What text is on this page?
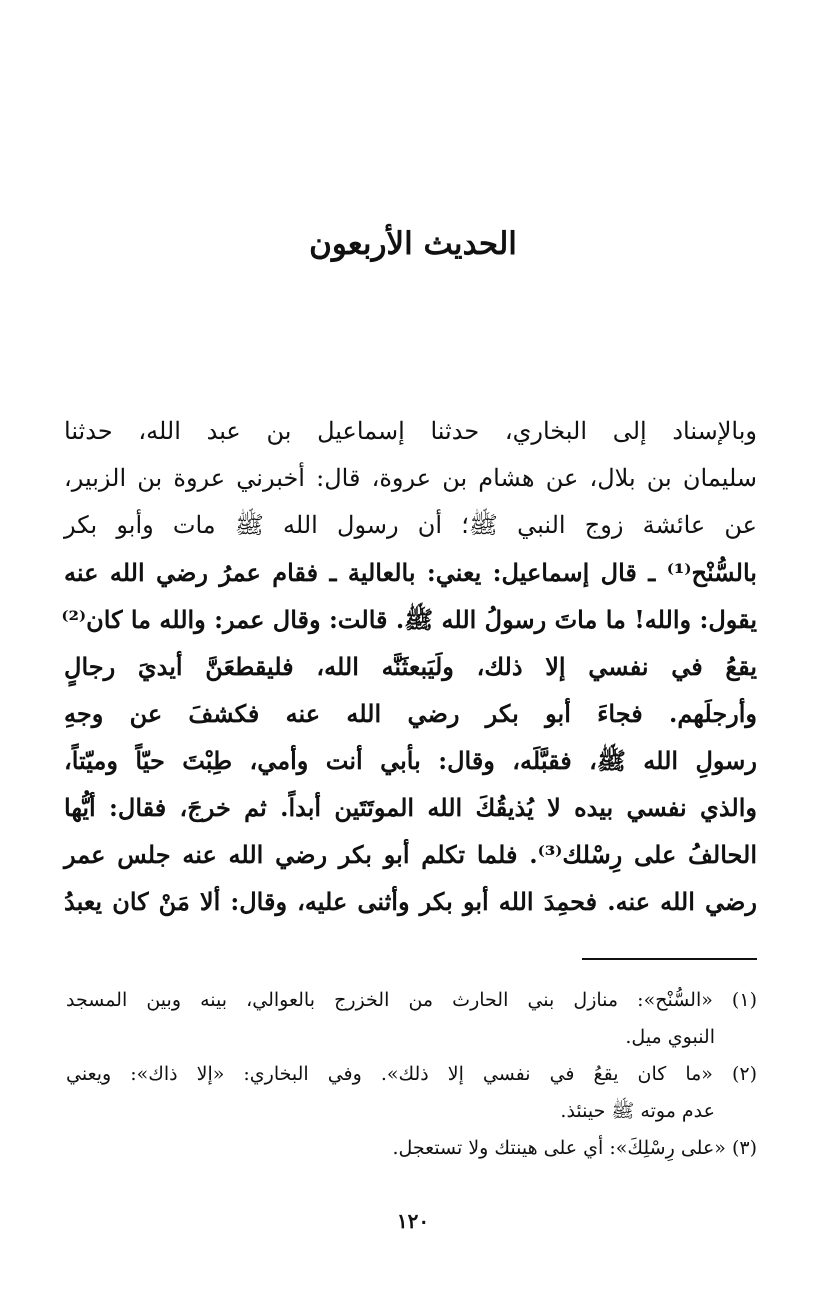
الحديث الأربعون
وبالإسناد إلى البخاري، حدثنا إسماعيل بن عبد الله، حدثنا
سليمان بن بلال، عن هشام بن عروة، قال: أخبرني عروة بن الزبير،
عن عائشة زوج النبي ﷺ؛ أن رسول الله ﷺ مات وأبو بكر
بالسُّنْح⁽¹⁾ ـ قال إسماعيل: يعني: بالعالية ـ فقام عمرُ رضي الله عنه
يقول: والله! ما ماتَ رسولُ الله ﷺ. قالت: وقال عمر: والله ما كان⁽²⁾
يقعُ في نفسي إلا ذلك، ولَيَبعثَنَّه الله، فليقطعَنَّ أيديَ رجالٍ
وأرجلَهم. فجاءَ أبو بكر رضي الله عنه فكشفَ عن وجهِ
رسولِ الله ﷺ، فقبَّلَه، وقال: بأبي أنت وأمي، طِبْتَ حيّاً وميّتاً،
والذي نفسي بيده لا يُذيقُكَ الله الموتَتَين أبداً. ثم خرجَ، فقال: أيُّها
الحالفُ على رِسْلك⁽³⁾. فلما تكلم أبو بكر رضي الله عنه جلس عمر
رضي الله عنه. فحمِدَ الله أبو بكر وأثنى عليه، وقال: ألا مَنْ كان يعبدُ
(١) «السُّنْح»: منازل بني الحارث من الخزرج بالعوالي، بينه وبين المسجد
النبوي ميل.
(٢) «ما كان يقعُ في نفسي إلا ذلك». وفي البخاري: «إلا ذاك»: ويعني
عدم موته ﷺ حينئذ.
(٣) «على رِسْلِكَ»: أي على هينتك ولا تستعجل.
١٢٠
